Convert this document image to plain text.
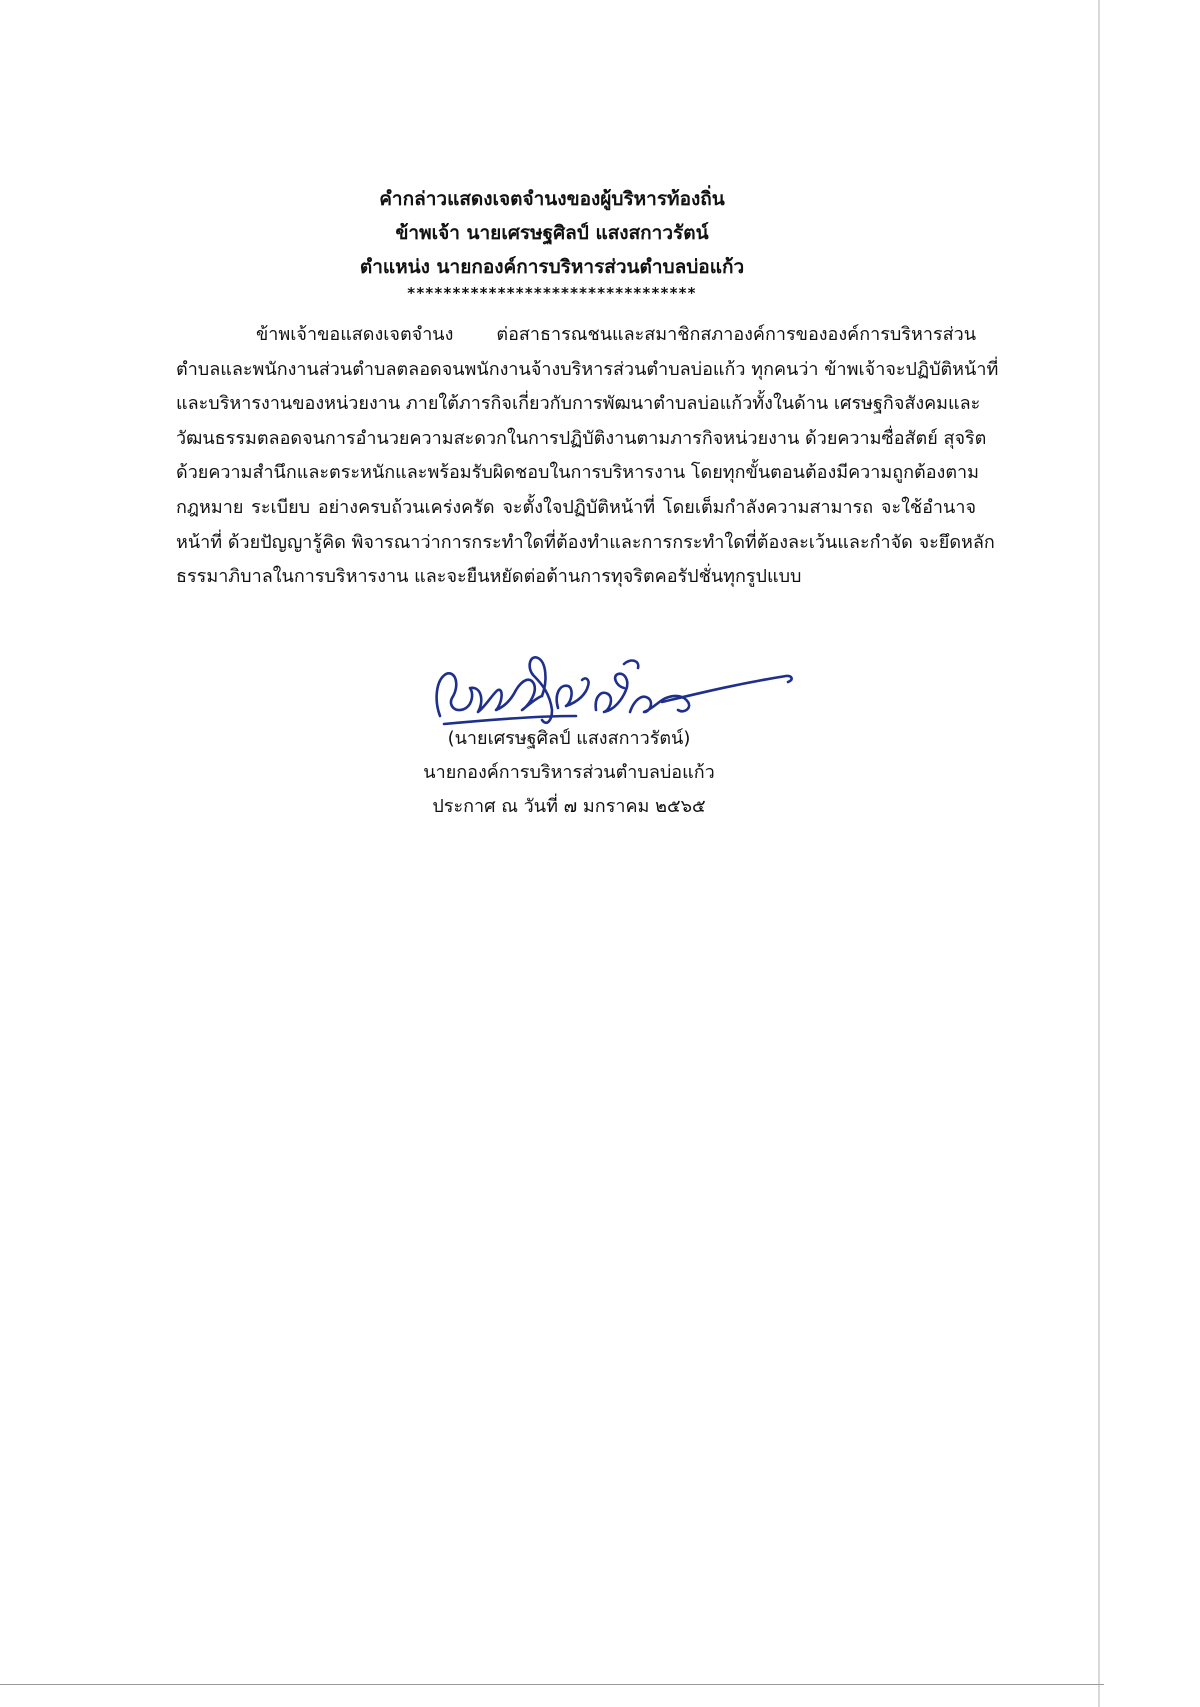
คำกล่าวแสดงเจตจำนงของผู้บริหารท้องถิ่น
ข้าพเจ้า นายเศรษฐศิลป์ แสงสกาวรัตน์
ตำแหน่ง นายกองค์การบริหารส่วนตำบลบ่อแก้ว
********************************
ข้าพเจ้าขอแสดงเจตจำนง ต่อสาธารณชนและสมาชิกสภาองค์การขององค์การบริหารส่วน
ตำบลและพนักงานส่วนตำบลตลอดจนพนักงานจ้างบริหารส่วนตำบลบ่อแก้ว ทุกคนว่า ข้าพเจ้าจะปฏิบัติหน้าที่
และบริหารงานของหน่วยงาน ภายใต้ภารกิจเกี่ยวกับการพัฒนาตำบลบ่อแก้วทั้งในด้าน เศรษฐกิจสังคมและ
วัฒนธรรมตลอดจนการอำนวยความสะดวกในการปฏิบัติงานตามภารกิจหน่วยงาน ด้วยความซื่อสัตย์ สุจริต
ด้วยความสำนึกและตระหนักและพร้อมรับผิดชอบในการบริหารงาน โดยทุกขั้นตอนต้องมีความถูกต้องตาม
กฎหมาย ระเบียบ อย่างครบถ้วนเคร่งครัด จะตั้งใจปฏิบัติหน้าที่ โดยเต็มกำลังความสามารถ จะใช้อำนาจ
หน้าที่ ด้วยปัญญารู้คิด พิจารณาว่าการกระทำใดที่ต้องทำและการกระทำใดที่ต้องละเว้นและกำจัด จะยึดหลัก
ธรรมาภิบาลในการบริหารงาน และจะยืนหยัดต่อต้านการทุจริตคอรัปชั่นทุกรูปแบบ
(นายเศรษฐศิลป์ แสงสกาวรัตน์)
นายกองค์การบริหารส่วนตำบลบ่อแก้ว
ประกาศ ณ วันที่ ๗ มกราคม ๒๕๖๕
